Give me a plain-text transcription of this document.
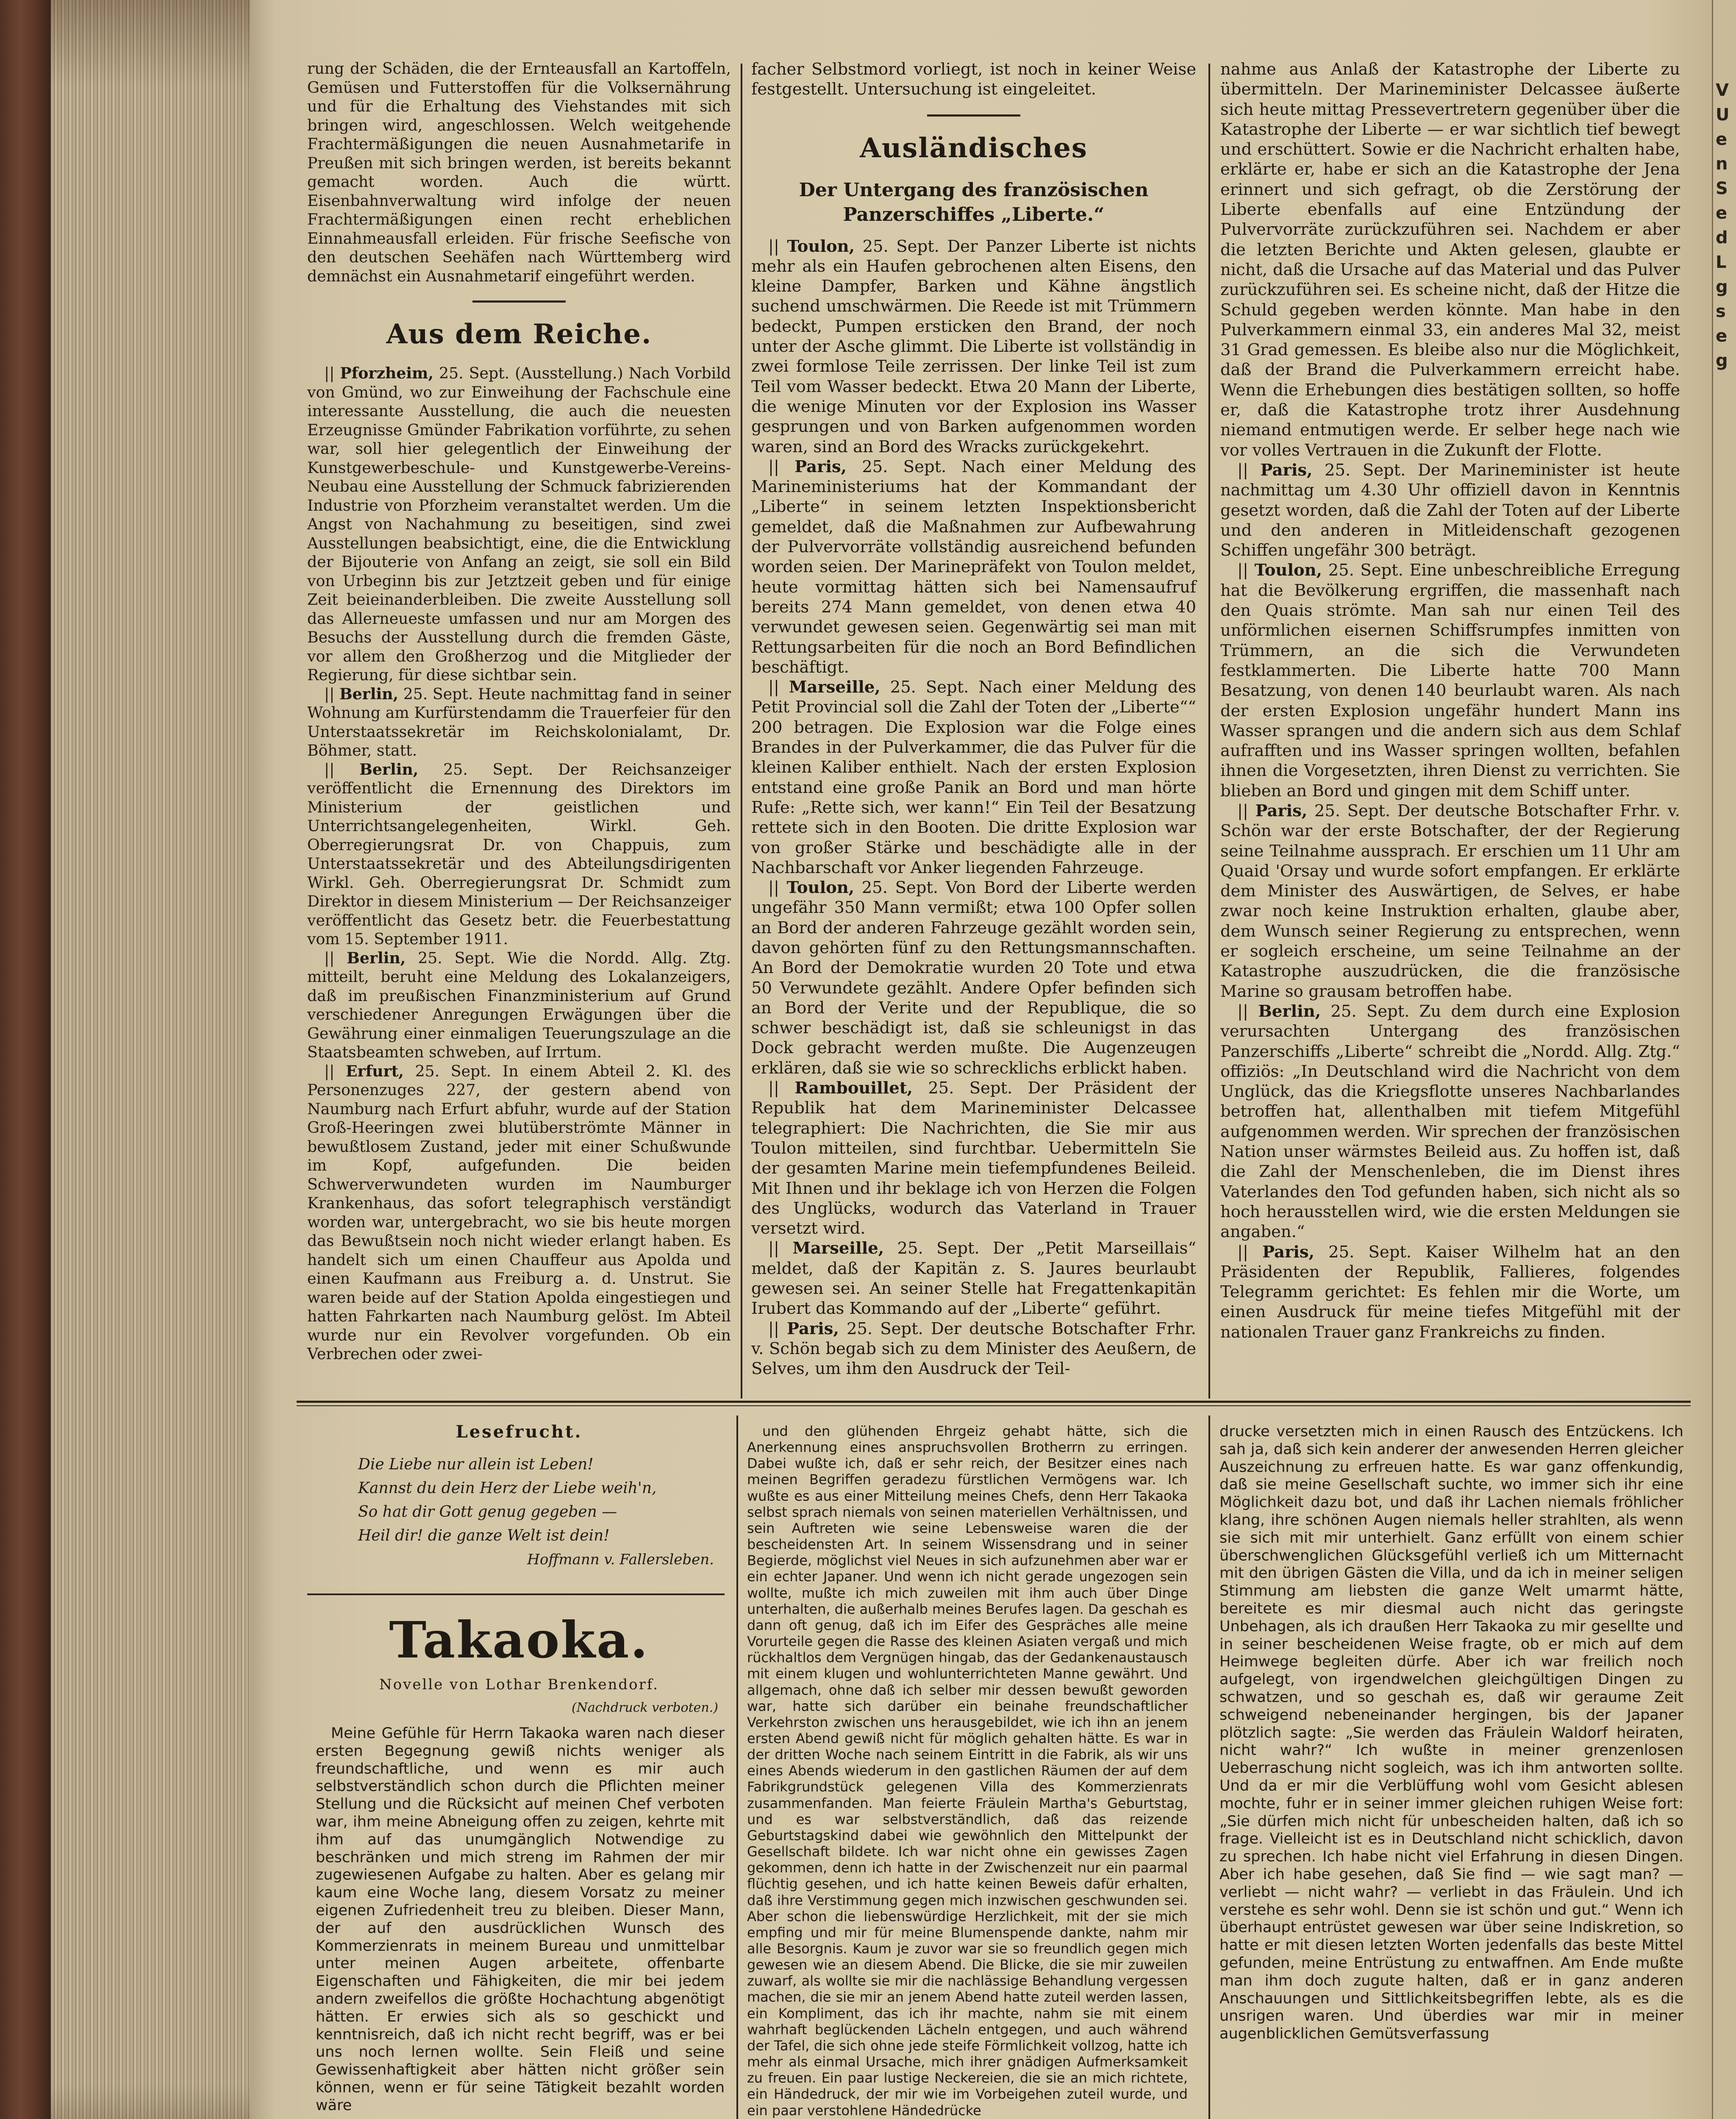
V
U
e
n
S
e
d
L
g
s
e
g

rung der Schäden, die der Ernteausfall an Kartoffeln, Gemüsen und Futterstoffen für die Volksernährung und für die Erhaltung des Viehstandes mit sich bringen wird, angeschlossen. Welch weitgehende Frachtermäßigungen die neuen Ausnahmetarife in Preußen mit sich bringen werden, ist bereits bekannt gemacht worden. Auch die württ. Eisenbahnverwaltung wird infolge der neuen Frachtermäßigungen einen recht erheblichen Einnahmeausfall erleiden. Für frische Seefische von den deutschen Seehäfen nach Württemberg wird demnächst ein Ausnahmetarif eingeführt werden.

Aus dem Reiche.

|| Pforzheim, 25. Sept. (Ausstellung.) Nach Vorbild von Gmünd, wo zur Einweihung der Fachschule eine interessante Ausstellung, die auch die neuesten Erzeugnisse Gmünder Fabrikation vorführte, zu sehen war, soll hier gelegentlich der Einweihung der Kunstgewerbeschule- und Kunstgewerbe-Vereins-Neubau eine Ausstellung der Schmuck fabrizierenden Industrie von Pforzheim veranstaltet werden. Um die Angst von Nachahmung zu beseitigen, sind zwei Ausstellungen beabsichtigt, eine, die die Entwicklung der Bijouterie von Anfang an zeigt, sie soll ein Bild von Urbeginn bis zur Jetztzeit geben und für einige Zeit beieinanderbleiben. Die zweite Ausstellung soll das Allerneueste umfassen und nur am Morgen des Besuchs der Ausstellung durch die fremden Gäste, vor allem den Großherzog und die Mitglieder der Regierung, für diese sichtbar sein.

|| Berlin, 25. Sept. Heute nachmittag fand in seiner Wohnung am Kurfürstendamm die Trauerfeier für den Unterstaatssekretär im Reichskolonialamt, Dr. Böhmer, statt.

|| Berlin, 25. Sept. Der Reichsanzeiger veröffentlicht die Ernennung des Direktors im Ministerium der geistlichen und Unterrichtsangelegenheiten, Wirkl. Geh. Oberregierungsrat Dr. von Chappuis, zum Unterstaatssekretär und des Abteilungsdirigenten Wirkl. Geh. Oberregierungsrat Dr. Schmidt zum Direktor in diesem Ministerium — Der Reichsanzeiger veröffentlicht das Gesetz betr. die Feuerbestattung vom 15. September 1911.

|| Berlin, 25. Sept. Wie die Nordd. Allg. Ztg. mitteilt, beruht eine Meldung des Lokalanzeigers, daß im preußischen Finanzministerium auf Grund verschiedener Anregungen Erwägungen über die Gewährung einer einmaligen Teuerungszulage an die Staatsbeamten schweben, auf Irrtum.

|| Erfurt, 25. Sept. In einem Abteil 2. Kl. des Personenzuges 227, der gestern abend von Naumburg nach Erfurt abfuhr, wurde auf der Station Groß-Heeringen zwei blutüberströmte Männer in bewußtlosem Zustand, jeder mit einer Schußwunde im Kopf, aufgefunden. Die beiden Schwerverwundeten wurden im Naumburger Krankenhaus, das sofort telegraphisch verständigt worden war, untergebracht, wo sie bis heute morgen das Bewußtsein noch nicht wieder erlangt haben. Es handelt sich um einen Chauffeur aus Apolda und einen Kaufmann aus Freiburg a. d. Unstrut. Sie waren beide auf der Station Apolda eingestiegen und hatten Fahrkarten nach Naumburg gelöst. Im Abteil wurde nur ein Revolver vorgefunden. Ob ein Verbrechen oder zwei-

facher Selbstmord vorliegt, ist noch in keiner Weise festgestellt. Untersuchung ist eingeleitet.

Ausländisches
Der Untergang des französischen Panzerschiffes „Liberte.“

|| Toulon, 25. Sept. Der Panzer Liberte ist nichts mehr als ein Haufen gebrochenen alten Eisens, den kleine Dampfer, Barken und Kähne ängstlich suchend umschwärmen. Die Reede ist mit Trümmern bedeckt, Pumpen ersticken den Brand, der noch unter der Asche glimmt. Die Liberte ist vollständig in zwei formlose Teile zerrissen. Der linke Teil ist zum Teil vom Wasser bedeckt. Etwa 20 Mann der Liberte, die wenige Minuten vor der Explosion ins Wasser gesprungen und von Barken aufgenommen worden waren, sind an Bord des Wracks zurückgekehrt.

|| Paris, 25. Sept. Nach einer Meldung des Marineministeriums hat der Kommandant der „Liberte“ in seinem letzten Inspektionsbericht gemeldet, daß die Maßnahmen zur Aufbewahrung der Pulvervorräte vollständig ausreichend befunden worden seien. Der Marinepräfekt von Toulon meldet, heute vormittag hätten sich bei Namensaufruf bereits 274 Mann gemeldet, von denen etwa 40 verwundet gewesen seien. Gegenwärtig sei man mit Rettungsarbeiten für die noch an Bord Befindlichen beschäftigt.

|| Marseille, 25. Sept. Nach einer Meldung des Petit Provincial soll die Zahl der Toten der „Liberte““ 200 betragen. Die Explosion war die Folge eines Brandes in der Pulverkammer, die das Pulver für die kleinen Kaliber enthielt. Nach der ersten Explosion entstand eine große Panik an Bord und man hörte Rufe: „Rette sich, wer kann!“ Ein Teil der Besatzung rettete sich in den Booten. Die dritte Explosion war von großer Stärke und beschädigte alle in der Nachbarschaft vor Anker liegenden Fahrzeuge.

|| Toulon, 25. Sept. Von Bord der Liberte werden ungefähr 350 Mann vermißt; etwa 100 Opfer sollen an Bord der anderen Fahrzeuge gezählt worden sein, davon gehörten fünf zu den Rettungsmannschaften. An Bord der Demokratie wurden 20 Tote und etwa 50 Verwundete gezählt. Andere Opfer befinden sich an Bord der Verite und der Republique, die so schwer beschädigt ist, daß sie schleunigst in das Dock gebracht werden mußte. Die Augenzeugen erklären, daß sie wie so schrecklichs erblickt haben.

|| Rambouillet, 25. Sept. Der Präsident der Republik hat dem Marineminister Delcassee telegraphiert: Die Nachrichten, die Sie mir aus Toulon mitteilen, sind furchtbar. Uebermitteln Sie der gesamten Marine mein tiefempfundenes Beileid. Mit Ihnen und ihr beklage ich von Herzen die Folgen des Unglücks, wodurch das Vaterland in Trauer versetzt wird.

|| Marseille, 25. Sept. Der „Petit Marseillais“ meldet, daß der Kapitän z. S. Jaures beurlaubt gewesen sei. An seiner Stelle hat Fregattenkapitän Irubert das Kommando auf der „Liberte“ geführt.

|| Paris, 25. Sept. Der deutsche Botschafter Frhr. v. Schön begab sich zu dem Minister des Aeußern, de Selves, um ihm den Ausdruck der Teil-

nahme aus Anlaß der Katastrophe der Liberte zu übermitteln. Der Marineminister Delcassee äußerte sich heute mittag Pressevertretern gegenüber über die Katastrophe der Liberte — er war sichtlich tief bewegt und erschüttert. Sowie er die Nachricht erhalten habe, erklärte er, habe er sich an die Katastrophe der Jena erinnert und sich gefragt, ob die Zerstörung der Liberte ebenfalls auf eine Entzündung der Pulvervorräte zurückzuführen sei. Nachdem er aber die letzten Berichte und Akten gelesen, glaubte er nicht, daß die Ursache auf das Material und das Pulver zurückzuführen sei. Es scheine nicht, daß der Hitze die Schuld gegeben werden könnte. Man habe in den Pulverkammern einmal 33, ein anderes Mal 32, meist 31 Grad gemessen. Es bleibe also nur die Möglichkeit, daß der Brand die Pulverkammern erreicht habe. Wenn die Erhebungen dies bestätigen sollten, so hoffe er, daß die Katastrophe trotz ihrer Ausdehnung niemand entmutigen werde. Er selber hege nach wie vor volles Vertrauen in die Zukunft der Flotte.

|| Paris, 25. Sept. Der Marineminister ist heute nachmittag um 4.30 Uhr offiziell davon in Kenntnis gesetzt worden, daß die Zahl der Toten auf der Liberte und den anderen in Mitleidenschaft gezogenen Schiffen ungefähr 300 beträgt.

|| Toulon, 25. Sept. Eine unbeschreibliche Erregung hat die Bevölkerung ergriffen, die massenhaft nach den Quais strömte. Man sah nur einen Teil des unförmlichen eisernen Schiffsrumpfes inmitten von Trümmern, an die sich die Verwundeten festklammerten. Die Liberte hatte 700 Mann Besatzung, von denen 140 beurlaubt waren. Als nach der ersten Explosion ungefähr hundert Mann ins Wasser sprangen und die andern sich aus dem Schlaf aufrafften und ins Wasser springen wollten, befahlen ihnen die Vorgesetzten, ihren Dienst zu verrichten. Sie blieben an Bord und gingen mit dem Schiff unter.

|| Paris, 25. Sept. Der deutsche Botschafter Frhr. v. Schön war der erste Botschafter, der der Regierung seine Teilnahme aussprach. Er erschien um 11 Uhr am Quaid 'Orsay und wurde sofort empfangen. Er erklärte dem Minister des Auswärtigen, de Selves, er habe zwar noch keine Instruktion erhalten, glaube aber, dem Wunsch seiner Regierung zu entsprechen, wenn er sogleich erscheine, um seine Teilnahme an der Katastrophe auszudrücken, die die französische Marine so grausam betroffen habe.

|| Berlin, 25. Sept. Zu dem durch eine Explosion verursachten Untergang des französischen Panzerschiffs „Liberte“ schreibt die „Nordd. Allg. Ztg.“ offiziös: „In Deutschland wird die Nachricht von dem Unglück, das die Kriegsflotte unseres Nachbarlandes betroffen hat, allenthalben mit tiefem Mitgefühl aufgenommen werden. Wir sprechen der französischen Nation unser wärmstes Beileid aus. Zu hoffen ist, daß die Zahl der Menschenleben, die im Dienst ihres Vaterlandes den Tod gefunden haben, sich nicht als so hoch herausstellen wird, wie die ersten Meldungen sie angaben.“

|| Paris, 25. Sept. Kaiser Wilhelm hat an den Präsidenten der Republik, Fallieres, folgendes Telegramm gerichtet: Es fehlen mir die Worte, um einen Ausdruck für meine tiefes Mitgefühl mit der nationalen Trauer ganz Frankreichs zu finden.

Lesefrucht.
Die Liebe nur allein ist Leben!
Kannst du dein Herz der Liebe weih'n,
So hat dir Gott genug gegeben —
Heil dir! die ganze Welt ist dein!
Hoffmann v. Fallersleben.
Takaoka.
Novelle von Lothar Brenkendorf.
(Nachdruck verboten.)

Meine Gefühle für Herrn Takaoka waren nach dieser ersten Begegnung gewiß nichts weniger als freundschaftliche, und wenn es mir auch selbstverständlich schon durch die Pflichten meiner Stellung und die Rücksicht auf meinen Chef verboten war, ihm meine Abneigung offen zu zeigen, kehrte mit ihm auf das unumgänglich Notwendige zu beschränken und mich streng im Rahmen der mir zugewiesenen Aufgabe zu halten. Aber es gelang mir kaum eine Woche lang, diesem Vorsatz zu meiner eigenen Zufriedenheit treu zu bleiben. Dieser Mann, der auf den ausdrücklichen Wunsch des Kommerzienrats in meinem Bureau und unmittelbar unter meinen Augen arbeitete, offenbarte Eigenschaften und Fähigkeiten, die mir bei jedem andern zweifellos die größte Hochachtung abgenötigt hätten. Er erwies sich als so geschickt und kenntnisreich, daß ich nicht recht begriff, was er bei uns noch lernen wollte. Sein Fleiß und seine Gewissenhaftigkeit aber hätten nicht größer sein können, wenn er für seine Tätigkeit bezahlt worden wäre

und den glühenden Ehrgeiz gehabt hätte, sich die Anerkennung eines anspruchsvollen Brotherrn zu erringen. Dabei wußte ich, daß er sehr reich, der Besitzer eines nach meinen Begriffen geradezu fürstlichen Vermögens war. Ich wußte es aus einer Mitteilung meines Chefs, denn Herr Takaoka selbst sprach niemals von seinen materiellen Verhältnissen, und sein Auftreten wie seine Lebensweise waren die der bescheidensten Art. In seinem Wissensdrang und in seiner Begierde, möglichst viel Neues in sich aufzunehmen aber war er ein echter Japaner. Und wenn ich nicht gerade ungezogen sein wollte, mußte ich mich zuweilen mit ihm auch über Dinge unterhalten, die außerhalb meines Berufes lagen. Da geschah es dann oft genug, daß ich im Eifer des Gespräches alle meine Vorurteile gegen die Rasse des kleinen Asiaten vergaß und mich rückhaltlos dem Vergnügen hingab, das der Gedankenaustausch mit einem klugen und wohlunterrichteten Manne gewährt. Und allgemach, ohne daß ich selber mir dessen bewußt geworden war, hatte sich darüber ein beinahe freundschaftlicher Verkehrston zwischen uns herausgebildet, wie ich ihn an jenem ersten Abend gewiß nicht für möglich gehalten hätte. Es war in der dritten Woche nach seinem Eintritt in die Fabrik, als wir uns eines Abends wiederum in den gastlichen Räumen der auf dem Fabrikgrundstück gelegenen Villa des Kommerzienrats zusammenfanden. Man feierte Fräulein Martha's Geburtstag, und es war selbstverständlich, daß das reizende Geburtstagskind dabei wie gewöhnlich den Mittelpunkt der Gesellschaft bildete. Ich war nicht ohne ein gewisses Zagen gekommen, denn ich hatte in der Zwischenzeit nur ein paarmal flüchtig gesehen, und ich hatte keinen Beweis dafür erhalten, daß ihre Verstimmung gegen mich inzwischen geschwunden sei. Aber schon die liebenswürdige Herzlichkeit, mit der sie mich empfing und mir für meine Blumenspende dankte, nahm mir alle Besorgnis. Kaum je zuvor war sie so freundlich gegen mich gewesen wie an diesem Abend. Die Blicke, die sie mir zuweilen zuwarf, als wollte sie mir die nachlässige Behandlung vergessen machen, die sie mir an jenem Abend hatte zuteil werden lassen, ein Kompliment, das ich ihr machte, nahm sie mit einem wahrhaft beglückenden Lächeln entgegen, und auch während der Tafel, die sich ohne jede steife Förmlichkeit vollzog, hatte ich mehr als einmal Ursache, mich ihrer gnädigen Aufmerksamkeit zu freuen. Ein paar lustige Neckereien, die sie an mich richtete, ein Händedruck, der mir wie im Vorbeigehen zuteil wurde, und ein paar verstohlene Händedrücke

drucke versetzten mich in einen Rausch des Entzückens. Ich sah ja, daß sich kein anderer der anwesenden Herren gleicher Auszeichnung zu erfreuen hatte. Es war ganz offenkundig, daß sie meine Gesellschaft suchte, wo immer sich ihr eine Möglichkeit dazu bot, und daß ihr Lachen niemals fröhlicher klang, ihre schönen Augen niemals heller strahlten, als wenn sie sich mit mir unterhielt. Ganz erfüllt von einem schier überschwenglichen Glücksgefühl verließ ich um Mitternacht mit den übrigen Gästen die Villa, und da ich in meiner seligen Stimmung am liebsten die ganze Welt umarmt hätte, bereitete es mir diesmal auch nicht das geringste Unbehagen, als ich draußen Herr Takaoka zu mir gesellte und in seiner bescheidenen Weise fragte, ob er mich auf dem Heimwege begleiten dürfe. Aber ich war freilich noch aufgelegt, von irgendwelchen gleichgültigen Dingen zu schwatzen, und so geschah es, daß wir geraume Zeit schweigend nebeneinander hergingen, bis der Japaner plötzlich sagte: „Sie werden das Fräulein Waldorf heiraten, nicht wahr?“ Ich wußte in meiner grenzenlosen Ueberraschung nicht sogleich, was ich ihm antworten sollte. Und da er mir die Verblüffung wohl vom Gesicht ablesen mochte, fuhr er in seiner immer gleichen ruhigen Weise fort: „Sie dürfen mich nicht für unbescheiden halten, daß ich so frage. Vielleicht ist es in Deutschland nicht schicklich, davon zu sprechen. Ich habe nicht viel Erfahrung in diesen Dingen. Aber ich habe gesehen, daß Sie find — wie sagt man? — verliebt — nicht wahr? — verliebt in das Fräulein. Und ich verstehe es sehr wohl. Denn sie ist schön und gut.“ Wenn ich überhaupt entrüstet gewesen war über seine Indiskretion, so hatte er mit diesen letzten Worten jedenfalls das beste Mittel gefunden, meine Entrüstung zu entwaffnen. Am Ende mußte man ihm doch zugute halten, daß er in ganz anderen Anschauungen und Sittlichkeitsbegriffen lebte, als es die unsrigen waren. Und überdies war mir in meiner augenblicklichen Gemütsverfassung
